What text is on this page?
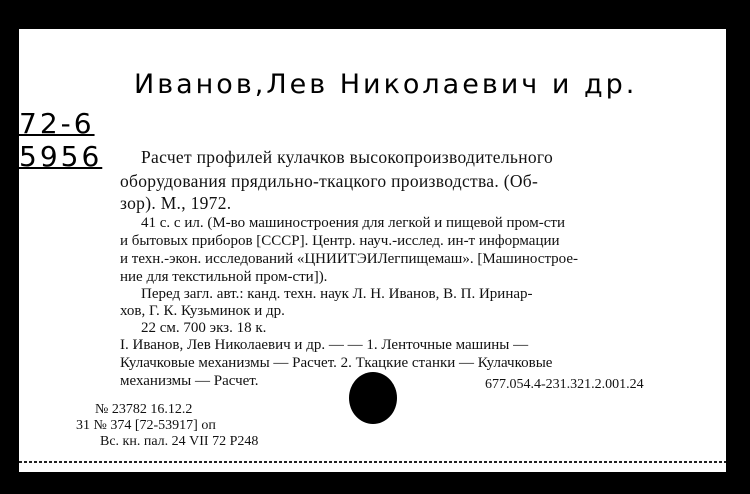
Иванов,Лев Николаевич и др.
72-6
5956 Расчет профилей кулачков высокопроизводительного
оборудования прядильно-ткацкого производства. (Об-
зор). М., 1972.
41 с. с ил. (М-во машиностроения для легкой и пищевой пром-сти
и бытовых приборов [СССР]. Центр. науч.-исслед. ин-т информации
и техн.-экон. исследований «ЦНИИТЭИЛегпищемаш». [Машинострое-
ние для текстильной пром-сти]).
Перед загл. авт.: канд. техн. наук Л. Н. Иванов, В. П. Иринар-
хов, Г. К. Кузьминок и др.
22 см. 700 экз. 18 к.
I. Иванов, Лев Николаевич и др. — — 1. Ленточные машины —
Кулачковые механизмы — Расчет. 2. Ткацкие станки — Кулачковые
механизмы — Расчет.	677.054.4-231.321.2.001.24
№ 23782 16.12.2
31 № 374 [72-53917] оп
Вс. кн. пал. 24 VII 72 Р248
